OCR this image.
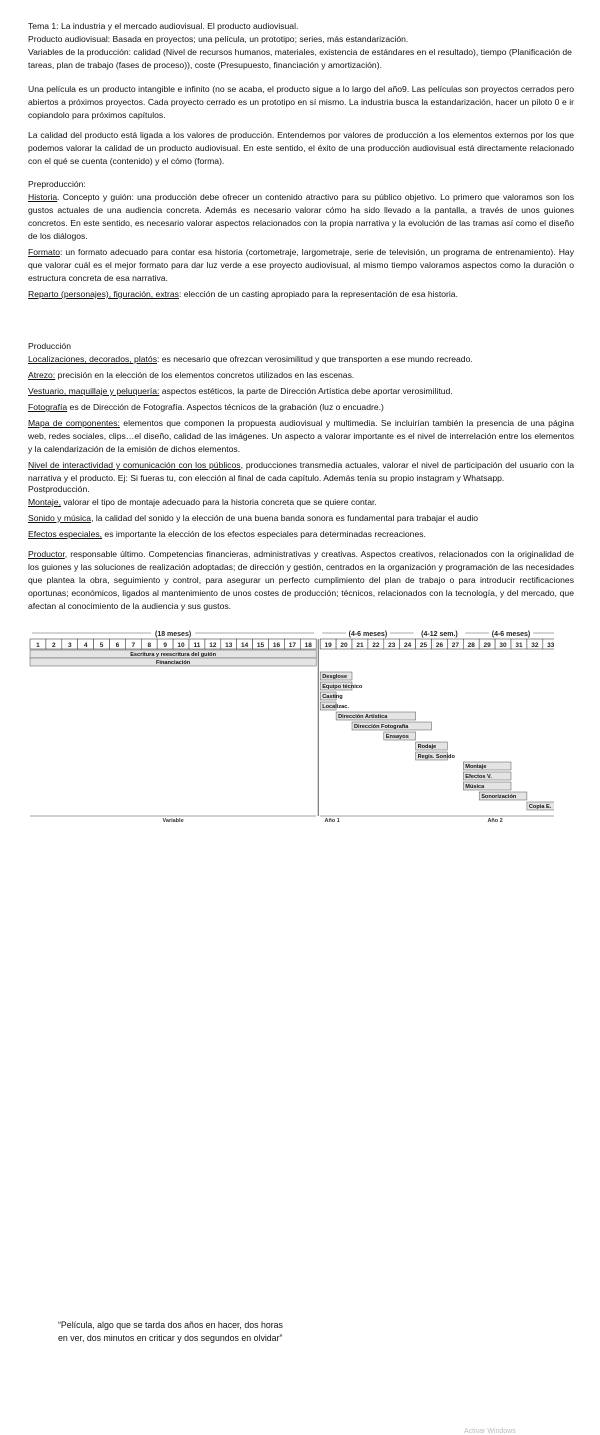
Tema 1: La industria y el mercado audiovisual. El producto audiovisual.

Producto audiovisual: Basada en proyectos; una película, un prototipo; series, más estandarización.

Variables de la producción: calidad (Nivel de recursos humanos, materiales, existencia de estándares en el resultado), tiempo (Planificación de tareas, plan de trabajo (fases de proceso)), coste (Presupuesto, financiación y amortización).

Una película es un producto intangible e infinito (no se acaba, el producto sigue a lo largo del año9. Las películas son proyectos cerrados pero abiertos a próximos proyectos. Cada proyecto cerrado es un prototipo en sí mismo. La industria busca la estandarización, hacer un piloto 0 e ir copiandolo para próximos capítulos.

La calidad del producto está ligada a los valores de producción. Entendemos por valores de producción a los elementos externos por los que podemos valorar la calidad de un producto audiovisual. En este sentido, el éxito de una producción audiovisual está directamente relacionado con el qué se cuenta (contenido) y el cómo (forma).

Preproducción:

Historia. Concepto y guión: una producción debe ofrecer un contenido atractivo para su público objetivo. Lo primero que valoramos son los gustos actuales de una audiencia concreta. Además es necesario valorar cómo ha sido llevado a la pantalla, a través de unos guiones concretos. En este sentido, es necesario valorar aspectos relacionados con la propia narrativa y la evolución de las tramas así como el diseño de los diálogos.

Formato: un formato adecuado para contar esa historia (cortometraje, largometraje, serie de televisión, un programa de entrenamiento). Hay que valorar cuál es el mejor formato para dar luz verde a ese proyecto audiovisual, al mismo tiempo valoramos aspectos como la duración o estructura concreta de esa narrativa.

Reparto (personajes), figuración, extras: elección de un casting apropiado para la representación de esa historia.

Producción

Localizaciones, decorados, platós: es necesario que ofrezcan verosimilitud y que transporten a ese mundo recreado.

Atrezo: precisión en la elección de los elementos concretos utilizados en las escenas.

Vestuario, maquillaje y peluquería: aspectos estéticos, la parte de Dirección Artística debe aportar verosimilitud.

Fotografía es de Dirección de Fotografía. Aspectos técnicos de la grabación (luz o encuadre.)

Mapa de componentes: elementos que componen la propuesta audiovisual y multimedia. Se incluirían también la presencia de una página web, redes sociales, clips…el diseño, calidad de las imágenes. Un aspecto a valorar importante es el nivel de interrelación entre los elementos y la calendarización de la emisión de dichos elementos.

Nivel de interactividad y comunicación con los públicos, producciones transmedia actuales, valorar el nivel de participación del usuario con la narrativa y el producto. Ej: Si fueras tu, con elección al final de cada capítulo. Además tenía su propio instagram y Whatsapp.

Postproducción.

Montaje, valorar el tipo de montaje adecuado para la historia concreta que se quiere contar.

Sonido y música, la calidad del sonido y la elección de una buena banda sonora es fundamental para trabajar el audio

Efectos especiales, es importante la elección de los efectos especiales para determinadas recreaciones.

Productor, responsable último. Competencias financieras, administrativas y creativas. Aspectos creativos, relacionados con la originalidad de los guiones y las soluciones de realización adoptadas; de dirección y gestión, centrados en la organización y programación de las necesidades que plantea la obra, seguimiento y control, para asegurar un perfecto cumplimiento del plan de trabajo o para introducir rectificaciones oportunas; económicos, ligados al mantenimiento de unos costes de producción; técnicos, relacionados con la tecnología, y del mercado, que afectan al conocimiento de la audiencia y sus gustos.

(18 meses)	(4-6 meses)	(4-12 sem.)	(4-6 meses)
1 2 3 4 5 6 7 8 9 10 11 12 13 14 15 16 17 18 19 20 21 22 23 24 25 26 27 28 29 30 31 32 33
Escritura y reescritura del guión
Financiación
Desglose
Equipo técnico
Casting
Localizac.
Dirección Artística
Dirección Fotografía
Ensayos
Rodaje
Regis. Sonido
Montaje
Efectos V.
Música
Sonorización
Copia E.
Variable	Año 1	Año 2
“Película, algo que se tarda dos años en hacer, dos horas en ver, dos minutos en criticar y dos segundos en olvidar”
Activar Windows
